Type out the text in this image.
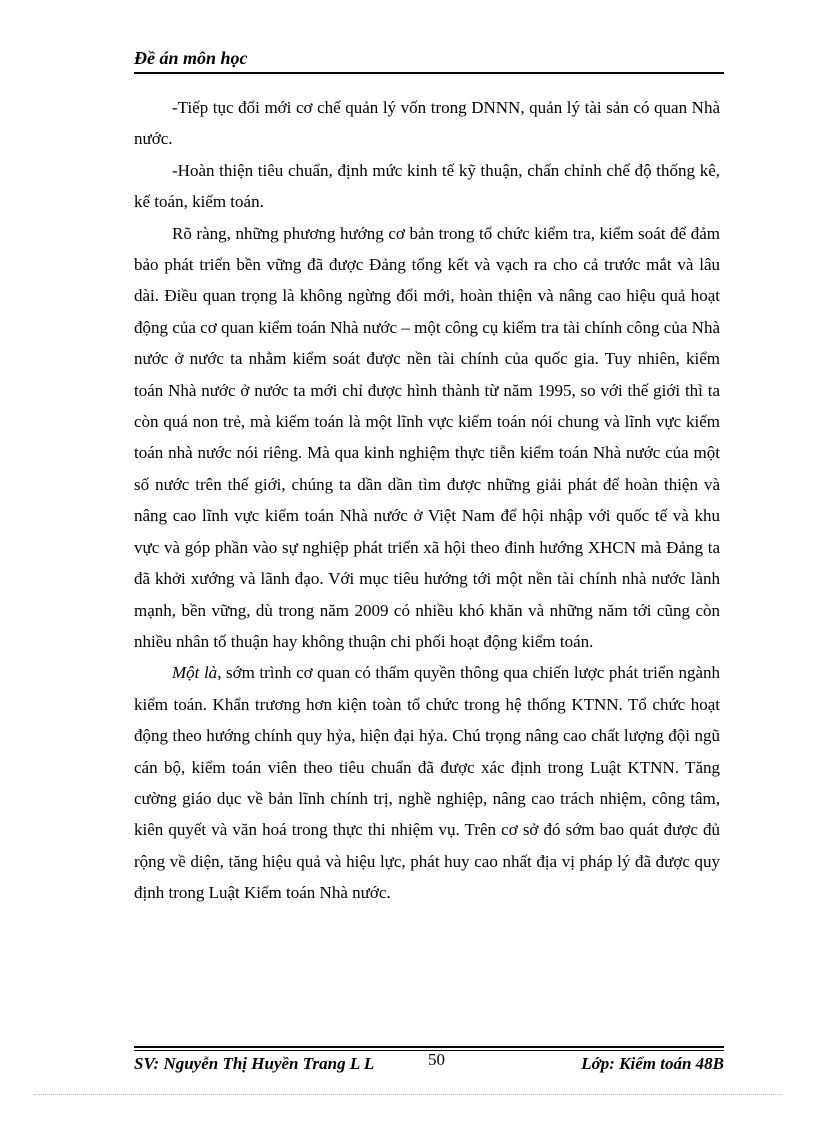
Đề án môn học

-Tiếp tục đổi mới cơ chế quản lý vốn trong DNNN, quản lý tài sản có quan Nhà nước.

-Hoàn thiện tiêu chuẩn, định mức kinh tế kỹ thuận, chấn chỉnh chế độ thống kê, kế toán, kiểm toán.

Rõ ràng, những phương hướng cơ bản trong tổ chức kiểm tra, kiểm soát để đảm bảo phát triển bền vững đã được Đảng tổng kết và vạch ra cho cả trước mắt và lâu dài. Điều quan trọng là không ngừng đổi mới, hoàn thiện và nâng cao hiệu quả hoạt động của cơ quan kiểm toán Nhà nước – một công cụ kiểm tra tài chính công của Nhà nước ở nước ta nhằm kiểm soát được nền tài chính của quốc gia. Tuy nhiên, kiểm toán Nhà nước ở nước ta mới chỉ được hình thành từ năm 1995, so với thế giới thì ta còn quá non trẻ, mà kiểm toán là một lĩnh vực kiểm toán nói chung và lĩnh vực kiểm toán nhà nước nói riêng. Mà qua kinh nghiệm thực tiễn kiểm toán Nhà nước của một số nước trên thế giới, chúng ta dần dần tìm được những giải phát để hoàn thiện và nâng cao lĩnh vực kiểm toán Nhà nước ở Việt Nam để hội nhập với quốc tế và khu vực và góp phần vào sự nghiệp phát triển xã hội theo đinh hướng XHCN mà Đảng ta đã khởi xướng và lãnh đạo. Với mục tiêu hướng tới một nền tài chính nhà nước lành mạnh, bền vững, dù trong năm 2009 có nhiều khó khăn và những năm tới cũng còn nhiều nhân tố thuận hay không thuận chi phối hoạt động kiểm toán.

Một là, sớm trình cơ quan có thẩm quyền thông qua chiến lược phát triển ngành kiểm toán. Khẩn trương hơn kiện toàn tổ chức trong hệ thống KTNN. Tổ chức hoạt động theo hướng chính quy hỷa, hiện đại hỷa. Chú trọng nâng cao chất lượng đội ngũ cán bộ, kiểm toán viên theo tiêu chuẩn đã được xác định trong Luật KTNN. Tăng cường giáo dục về bản lĩnh chính trị, nghề nghiệp, nâng cao trách nhiệm, công tâm, kiên quyết và văn hoá trong thực thi nhiệm vụ. Trên cơ sở đó sớm bao quát được đủ rộng về diện, tăng hiệu quả và hiệu lực, phát huy cao nhất địa vị pháp lý đã được quy định trong Luật Kiểm toán Nhà nước.

SV: Nguyễn Thị Huyền Trang L L	50	Lớp: Kiểm toán 48B
